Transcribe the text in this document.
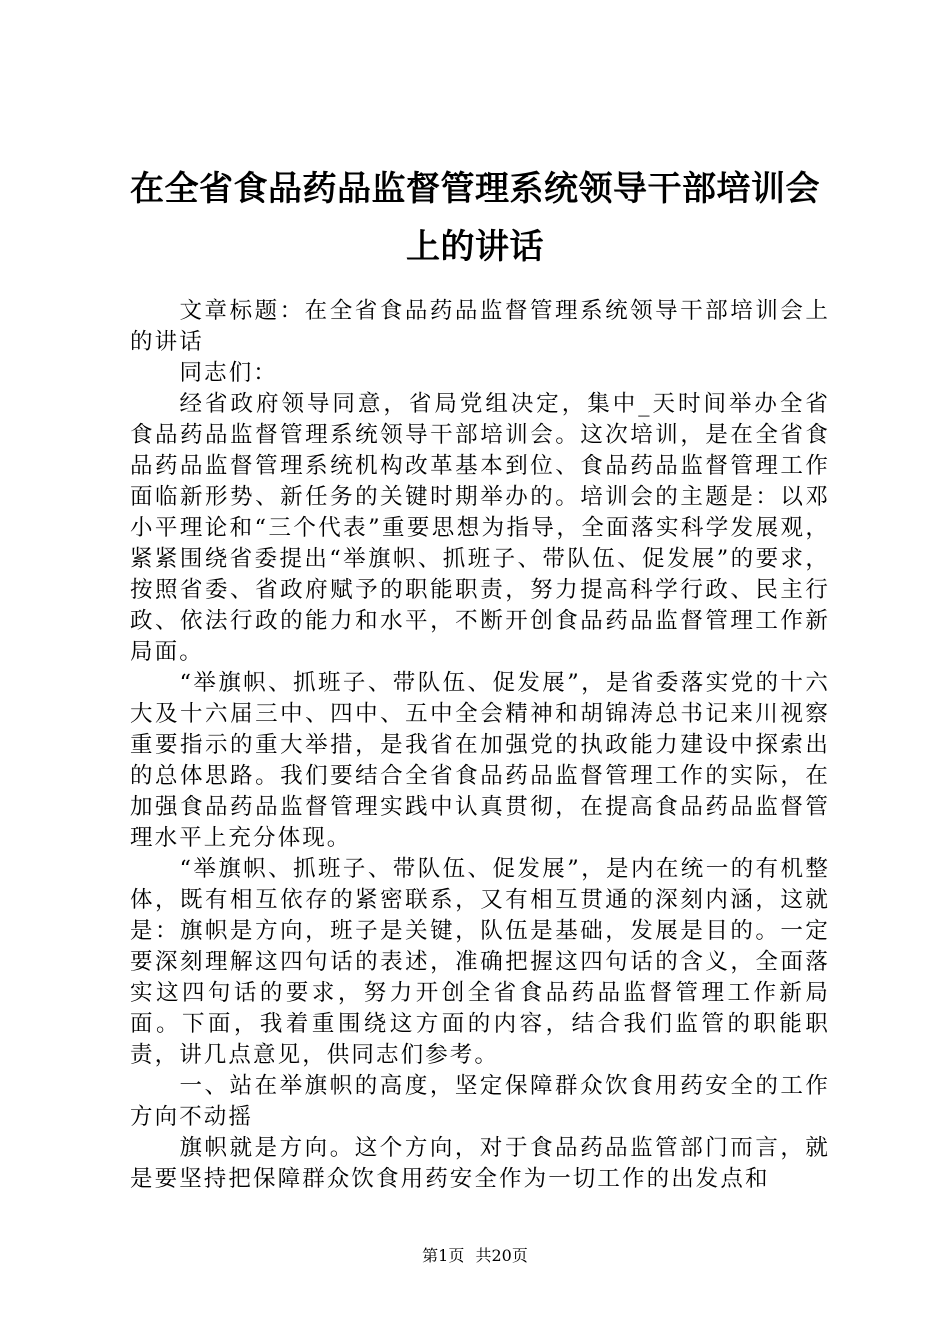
在全省食品药品监督管理系统领导干部培训会上的讲话

文章标题：在全省食品药品监督管理系统领导干部培训会上的讲话

同志们：

经省政府领导同意，省局党组决定，集中_天时间举办全省食品药品监督管理系统领导干部培训会。这次培训，是在全省食品药品监督管理系统机构改革基本到位、食品药品监督管理工作面临新形势、新任务的关键时期举办的。培训会的主题是：以邓小平理论和“三个代表”重要思想为指导，全面落实科学发展观，紧紧围绕省委提出“举旗帜、抓班子、带队伍、促发展”的要求，按照省委、省政府赋予的职能职责，努力提高科学行政、民主行政、依法行政的能力和水平，不断开创食品药品监督管理工作新局面。

“举旗帜、抓班子、带队伍、促发展”，是省委落实党的十六大及十六届三中、四中、五中全会精神和胡锦涛总书记来川视察重要指示的重大举措，是我省在加强党的执政能力建设中探索出的总体思路。我们要结合全省食品药品监督管理工作的实际，在加强食品药品监督管理实践中认真贯彻，在提高食品药品监督管理水平上充分体现。

“举旗帜、抓班子、带队伍、促发展”，是内在统一的有机整体，既有相互依存的紧密联系，又有相互贯通的深刻内涵，这就是：旗帜是方向，班子是关键，队伍是基础，发展是目的。一定要深刻理解这四句话的表述，准确把握这四句话的含义，全面落实这四句话的要求，努力开创全省食品药品监督管理工作新局面。下面，我着重围绕这方面的内容，结合我们监管的职能职责，讲几点意见，供同志们参考。

一、站在举旗帜的高度，坚定保障群众饮食用药安全的工作方向不动摇

旗帜就是方向。这个方向，对于食品药品监管部门而言，就是要坚持把保障群众饮食用药安全作为一切工作的出发点和

第1页 共20页
